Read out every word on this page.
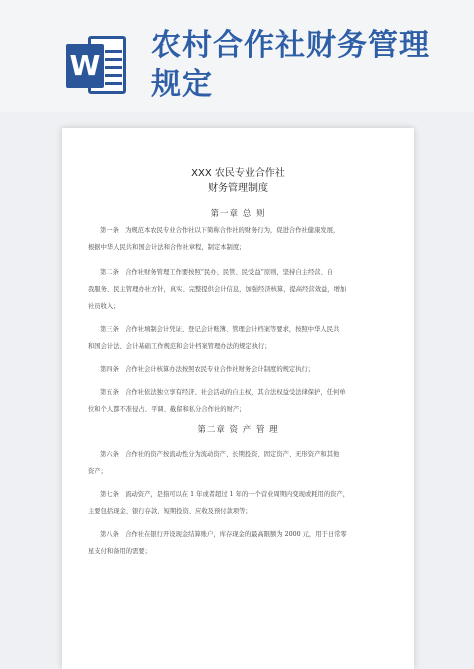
W
农村合作社财务管理规定
XXX 农民专业合作社
财务管理制度
第一章 总 则

第一条　为规范本农民专业合作社以下简称合作社的财务行为，促进合作社健康发展，
根据中华人民共和国会计法和合作社章程，制定本制度；

第二条　合作社财务管理工作要按照“民办、民管、民受益”原则，坚持自主经营、自
我服务、民主管理办社方针，真实、完整提供会计信息，加强经济核算，提高经营效益，增加
社员收入；

第三条　合作社填制会计凭证、登记会计账簿、管理会计档案等要求，按照中华人民共
和国会计法、会计基础工作规范和会计档案管理办法的规定执行；

第四条　合作社会计核算办法按照农民专业合作社财务会计制度的规定执行；

第五条　合作社依法独立享有经济、社会活动的自主权，其合法权益受法律保护，任何单
位和个人都不准侵占、平调、截留和私分合作社的财产；

第二章 资 产 管 理

第六条　合作社的资产按流动性分为流动资产、长期投资、固定资产、无形资产和其他
资产；

第七条　流动资产，是指可以在 1 年或者超过 1 年的一个营业周期内变现或耗用的资产，
主要包括现金、银行存款、短期投资、应收及预付款项等；

第八条　合作社在银行开设现金结算账户，库存现金的最高限额为 2000 元，用于日常零
星支付和备用的需要；
